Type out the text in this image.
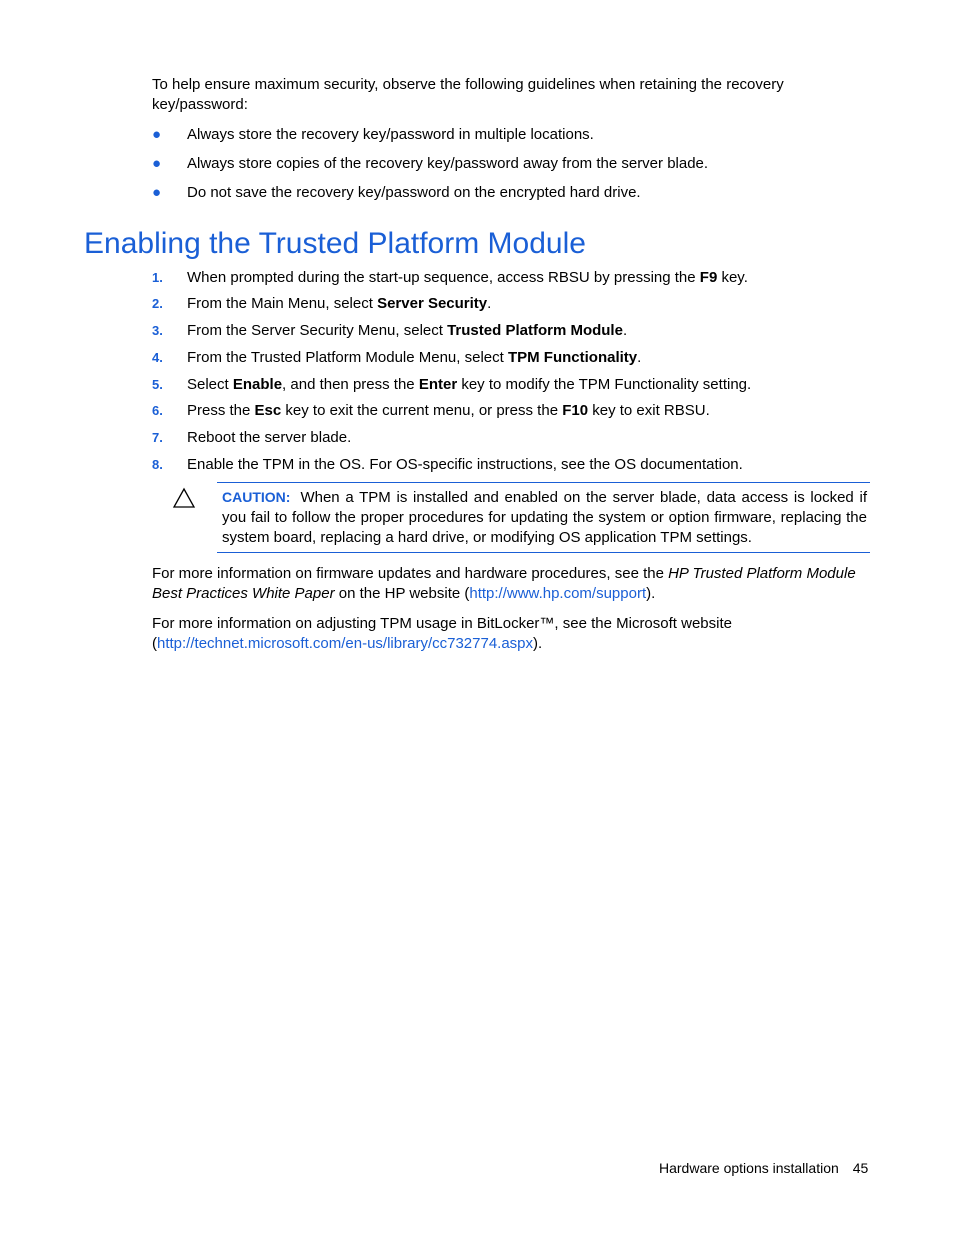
To help ensure maximum security, observe the following guidelines when retaining the recovery key/password:
● Always store the recovery key/password in multiple locations.
● Always store copies of the recovery key/password away from the server blade.
● Do not save the recovery key/password on the encrypted hard drive.
Enabling the Trusted Platform Module
1. When prompted during the start-up sequence, access RBSU by pressing the F9 key.
2. From the Main Menu, select Server Security.
3. From the Server Security Menu, select Trusted Platform Module.
4. From the Trusted Platform Module Menu, select TPM Functionality.
5. Select Enable, and then press the Enter key to modify the TPM Functionality setting.
6. Press the Esc key to exit the current menu, or press the F10 key to exit RBSU.
7. Reboot the server blade.
8. Enable the TPM in the OS. For OS-specific instructions, see the OS documentation.
CAUTION: When a TPM is installed and enabled on the server blade, data access is locked if you fail to follow the proper procedures for updating the system or option firmware, replacing the system board, replacing a hard drive, or modifying OS application TPM settings.
For more information on firmware updates and hardware procedures, see the HP Trusted Platform Module Best Practices White Paper on the HP website (http://www.hp.com/support).
For more information on adjusting TPM usage in BitLocker™, see the Microsoft website (http://technet.microsoft.com/en-us/library/cc732774.aspx).
Hardware options installation 45
